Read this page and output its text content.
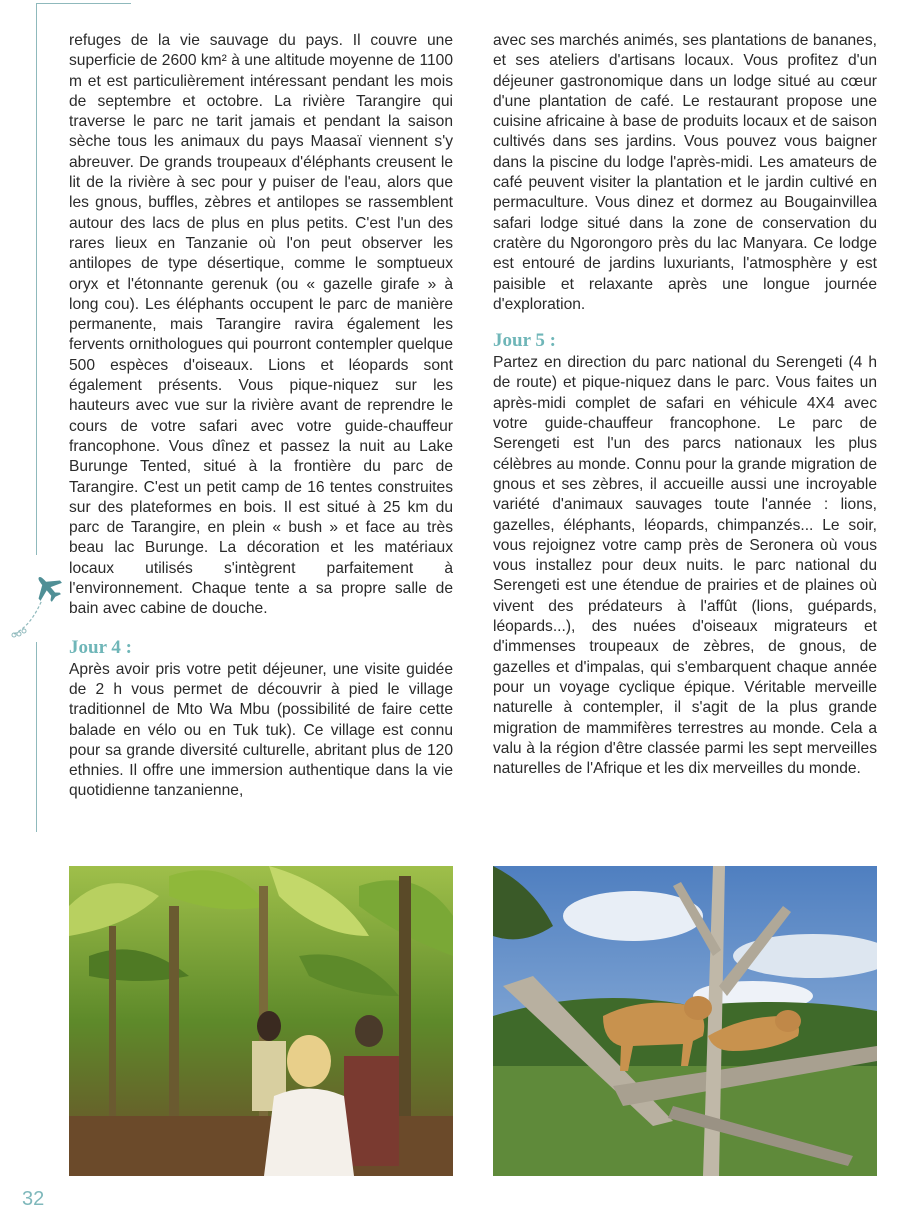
refuges de la vie sauvage du pays. Il couvre une superficie de 2600 km² à une altitude moyenne de 1100 m et est particulièrement intéressant pendant les mois de septembre et octobre. La rivière Tarangire qui traverse le parc ne tarit jamais et pendant la saison sèche tous les animaux du pays Maasaï viennent s'y abreuver. De grands troupeaux d'éléphants creusent le lit de la rivière à sec pour y puiser de l'eau, alors que les gnous, buffles, zèbres et antilopes se rassemblent autour des lacs de plus en plus petits. C'est l'un des rares lieux en Tanzanie où l'on peut observer les antilopes de type désertique, comme le somptueux oryx et l'étonnante gerenuk (ou « gazelle girafe » à long cou). Les éléphants occupent le parc de manière permanente, mais Tarangire ravira également les fervents ornithologues qui pourront contempler quelque 500 espèces d'oiseaux. Lions et léopards sont également présents. Vous pique-niquez sur les hauteurs avec vue sur la rivière avant de reprendre le cours de votre safari avec votre guide-chauffeur francophone. Vous dînez et passez la nuit au Lake Burunge Tented, situé à la frontière du parc de Tarangire. C'est un petit camp de 16 tentes construites sur des plateformes en bois. Il est situé à 25 km du parc de Tarangire, en plein « bush » et face au très beau lac Burunge. La décoration et les matériaux locaux utilisés s'intègrent parfaitement à l'environnement. Chaque tente a sa propre salle de bain avec cabine de douche.

Jour 4 :

Après avoir pris votre petit déjeuner, une visite guidée de 2 h vous permet de découvrir à pied le village traditionnel de Mto Wa Mbu (possibilité de faire cette balade en vélo ou en Tuk tuk). Ce village est connu pour sa grande diversité culturelle, abritant plus de 120 ethnies. Il offre une immersion authentique dans la vie quotidienne tanzanienne,

avec ses marchés animés, ses plantations de bananes, et ses ateliers d'artisans locaux. Vous profitez d'un déjeuner gastronomique dans un lodge situé au cœur d'une plantation de café. Le restaurant propose une cuisine africaine à base de produits locaux et de saison cultivés dans ses jardins. Vous pouvez vous baigner dans la piscine du lodge l'après-midi. Les amateurs de café peuvent visiter la plantation et le jardin cultivé en permaculture. Vous dinez et dormez au Bougainvillea safari lodge situé dans la zone de conservation du cratère du Ngorongoro près du lac Manyara. Ce lodge est entouré de jardins luxuriants, l'atmosphère y est paisible et relaxante après une longue journée d'exploration.

Jour 5 :

Partez en direction du parc national du Serengeti (4 h de route) et pique-niquez dans le parc. Vous faites un après-midi complet de safari en véhicule 4X4 avec votre guide-chauffeur francophone. Le parc de Serengeti est l'un des parcs nationaux les plus célèbres au monde. Connu pour la grande migration de gnous et ses zèbres, il accueille aussi une incroyable variété d'animaux sauvages toute l'année : lions, gazelles, éléphants, léopards, chimpanzés... Le soir, vous rejoignez votre camp près de Seronera où vous vous installez pour deux nuits. le parc national du Serengeti est une étendue de prairies et de plaines où vivent des prédateurs à l'affût (lions, guépards, léopards...), des nuées d'oiseaux migrateurs et d'immenses troupeaux de zèbres, de gnous, de gazelles et d'impalas, qui s'embarquent chaque année pour un voyage cyclique épique. Véritable merveille naturelle à contempler, il s'agit de la plus grande migration de mammifères terrestres au monde. Cela a valu à la région d'être classée parmi les sept merveilles naturelles de l'Afrique et les dix merveilles du monde.

32
